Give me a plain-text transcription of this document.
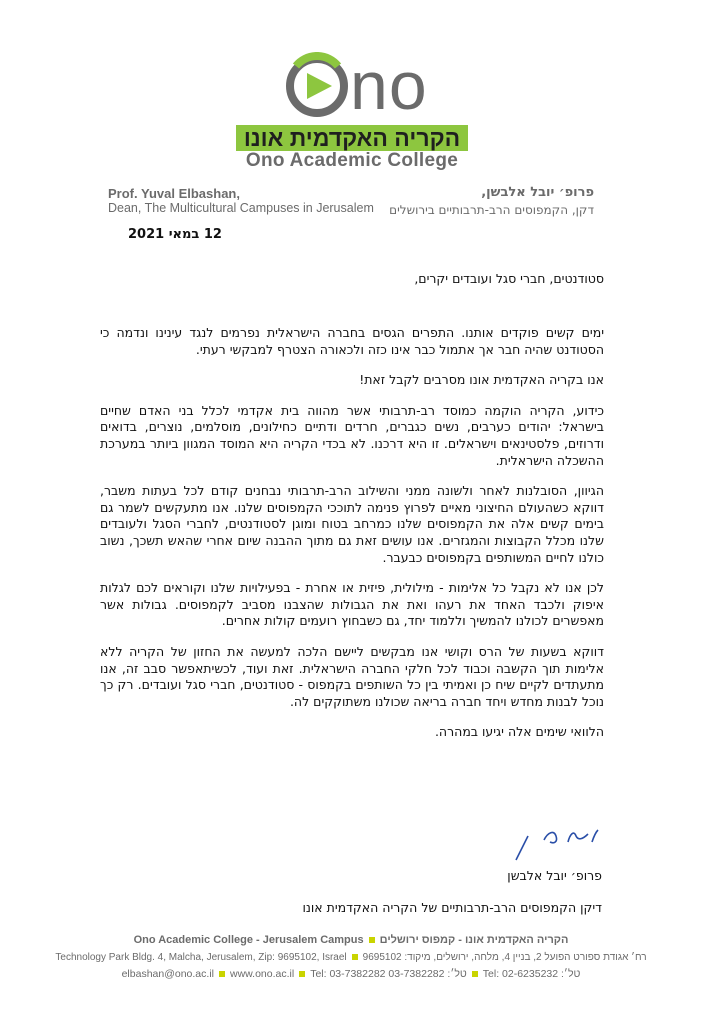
no
הקריה האקדמית אונו
Ono Academic College
Prof. Yuval Elbashan,
Dean, The Multicultural Campuses in Jerusalem
פרופ׳ יובל אלבשן,
דקן, הקמפוסים הרב-תרבותיים בירושלים
12 במאי 2021

סטודנטים, חברי סגל ועובדים יקרים,

ימים קשים פוקדים אותנו. התפרים הגסים בחברה הישראלית נפרמים לנגד עינינו ונדמה כי הסטודנט שהיה חבר אך אתמול כבר אינו כזה ולכאורה הצטרף למבקשי רעתי.

אנו בקריה האקדמית אונו מסרבים לקבל זאת!

כידוע, הקריה הוקמה כמוסד רב-תרבותי אשר מהווה בית אקדמי לכלל בני האדם שחיים בישראל: יהודים כערבים, נשים כגברים, חרדים ודתיים כחילונים, מוסלמים, נוצרים, בדואים ודרוזים, פלסטינאים וישראלים. זו היא דרכנו. לא בכדי הקריה היא המוסד המגוון ביותר במערכת ההשכלה הישראלית.

הגיוון, הסובלנות לאחר ולשונה ממני והשילוב הרב-תרבותי נבחנים קודם לכל בעתות משבר, דווקא כשהעולם החיצוני מאיים לפרוץ פנימה לתוככי הקמפוסים שלנו. אנו מתעקשים לשמר גם בימים קשים אלה את הקמפוסים שלנו כמרחב בטוח ומוגן לסטודנטים, לחברי הסגל ולעובדים שלנו מכלל הקבוצות והמגזרים. אנו עושים זאת גם מתוך ההבנה שיום אחרי שהאש תשכך, נשוב כולנו לחיים המשותפים בקמפוסים כבעבר.

לכן אנו לא נקבל כל אלימות - מילולית, פיזית או אחרת - בפעילויות שלנו וקוראים לכם לגלות איפוק ולכבד האחד את רעהו ואת את הגבולות שהצבנו מסביב לקמפוסים. גבולות אשר מאפשרים לכולנו להמשיך וללמוד יחד, גם כשבחוץ רועמים קולות אחרים.

דווקא בשעות של הרס וקושי אנו מבקשים ליישם הלכה למעשה את החזון של הקריה ללא אלימות תוך הקשבה וכבוד לכל חלקי החברה הישראלית. זאת ועוד, לכשיתאפשר סבב זה, אנו מתעתדים לקיים שיח כן ואמיתי בין כל השותפים בקמפוס - סטודנטים, חברי סגל ועובדים. רק כך נוכל לבנות מחדש ויחד חברה בריאה שכולנו משתוקקים לה.

הלוואי שימים אלה יגיעו במהרה.

פרופ׳ יובל אלבשן
דיקן הקמפוסים הרב-תרבותיים של הקריה האקדמית אונו
Ono Academic College - Jerusalem Campus הקריה האקדמית אונו - קמפוס ירושלים
Technology Park Bldg. 4, Malcha, Jerusalem, Zip: 9695102, Israel רח׳ אגודת ספורט הפועל 2, בניין 4, מלחה, ירושלים, מיקוד: 9695102
elbashan@ono.ac.il www.ono.ac.il Tel: 03-7382282 טל׳: 03-7382282 Tel: 02-6235232 טל׳:
